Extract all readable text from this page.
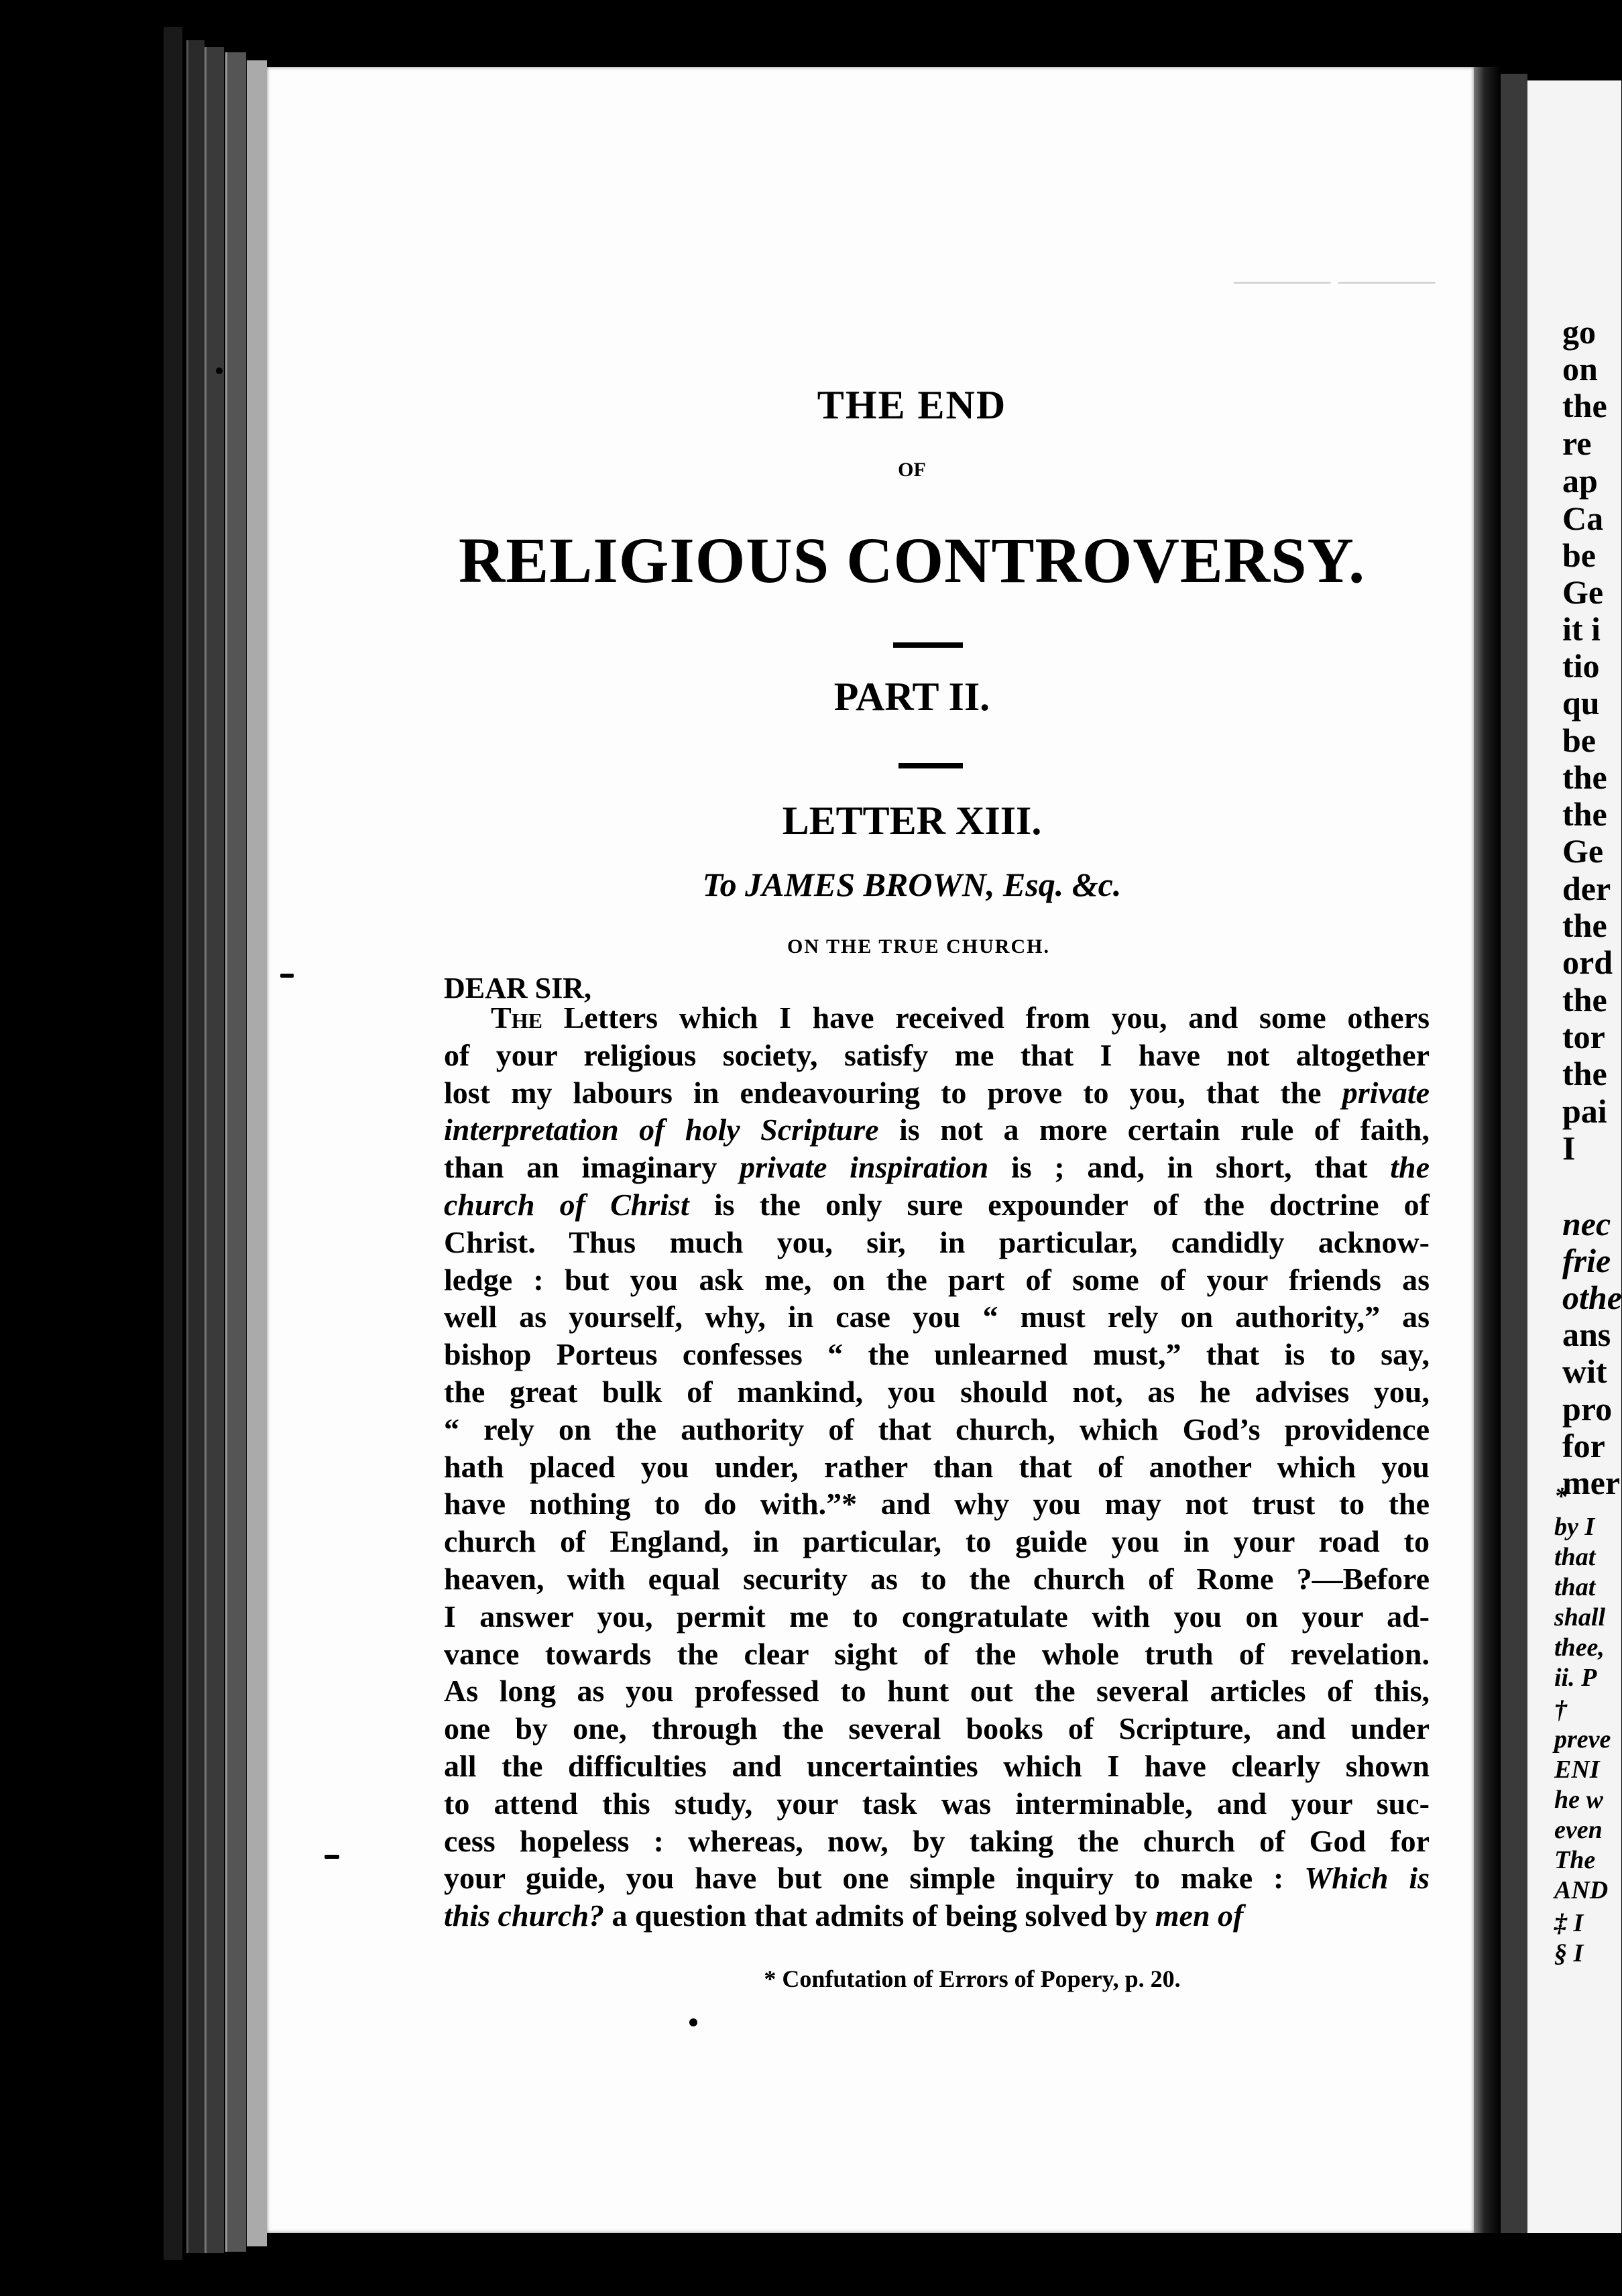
——— ———
THE END
OF
RELIGIOUS CONTROVERSY.
PART II.
LETTER XIII.
To JAMES BROWN, Esq. &c.
ON THE TRUE CHURCH.
DEAR SIR,
The Letters which I have received from you, and some others
of your religious society, satisfy me that I have not altogether
lost my labours in endeavouring to prove to you, that the private
interpretation of holy Scripture is not a more certain rule of faith,
than an imaginary private inspiration is ; and, in short, that the
church of Christ is the only sure expounder of the doctrine of
Christ. Thus much you, sir, in particular, candidly acknow-
ledge : but you ask me, on the part of some of your friends as
well as yourself, why, in case you “ must rely on authority,” as
bishop Porteus confesses “ the unlearned must,” that is to say,
the great bulk of mankind, you should not, as he advises you,
“ rely on the authority of that church, which God’s providence
hath placed you under, rather than that of another which you
have nothing to do with.”* and why you may not trust to the
church of England, in particular, to guide you in your road to
heaven, with equal security as to the church of Rome ?—Before
I answer you, permit me to congratulate with you on your ad-
vance towards the clear sight of the whole truth of revelation.
As long as you professed to hunt out the several articles of this,
one by one, through the several books of Scripture, and under
all the difficulties and uncertainties which I have clearly shown
to attend this study, your task was interminable, and your suc-
cess hopeless : whereas, now, by taking the church of God for
your guide, you have but one simple inquiry to make : Which is
this church? a question that admits of being solved by men of
* Confutation of Errors of Popery, p. 20.
go
on
the
re
ap
Ca
be
Ge
it i
tio
qu
be
the
the
Ge
der
the
ord
the
tor
the
pai
I
nec
frie
othe
ans
wit
pro
for
mer
*
by I
that
that
shall
thee,
ii. P
†
preve
ENI
he w
even
The
AND
‡ I
§ I
